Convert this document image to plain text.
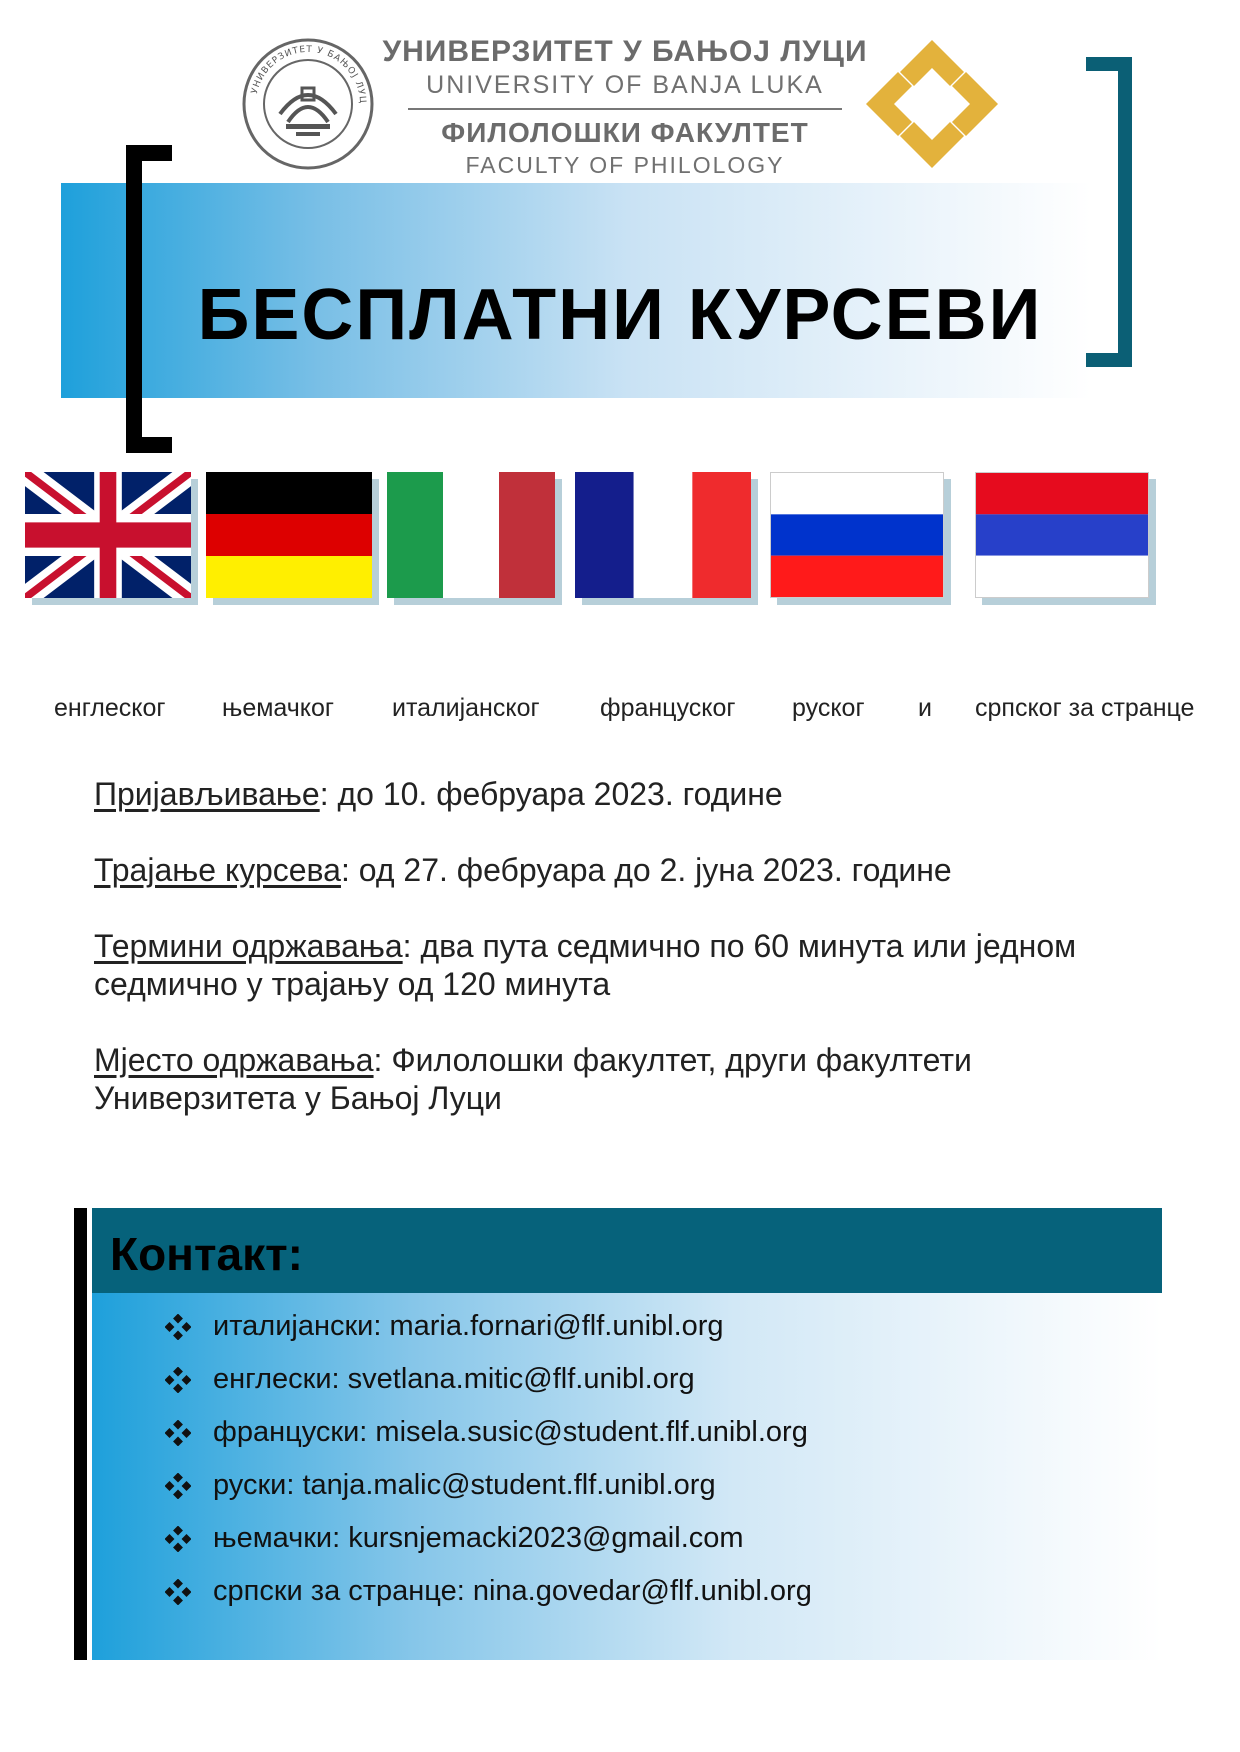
УНИВЕРЗИТЕТ У БАЊОЈ ЛУЦ
УНИВЕРЗИТЕТ У БАЊОЈ ЛУЦИ
UNIVERSITY OF BANJA LUKA
ФИЛОЛОШКИ ФАКУЛТЕТ
FACULTY OF PHILOLOGY
БЕСПЛАТНИ КУРСЕВИ
енглеског њемачког италијанског француског руског и српског за странце

Пријављивање: до 10. фебруара 2023. године

Трајање курсева: од 27. фебруара до 2. јуна 2023. године

Термини одржавања: два пута седмично по 60 минута или једном седмично у трајању од 120 минута

Мјесто одржавања: Филолошки факултет, други факултети Универзитета у Бањој Луци

Контакт:
италијански: maria.fornari@flf.unibl.org
енглески: svetlana.mitic@flf.unibl.org
француски: misela.susic@student.flf.unibl.org
руски: tanja.malic@student.flf.unibl.org
њемачки: kursnjemacki2023@gmail.com
српски за странце: nina.govedar@flf.unibl.org
